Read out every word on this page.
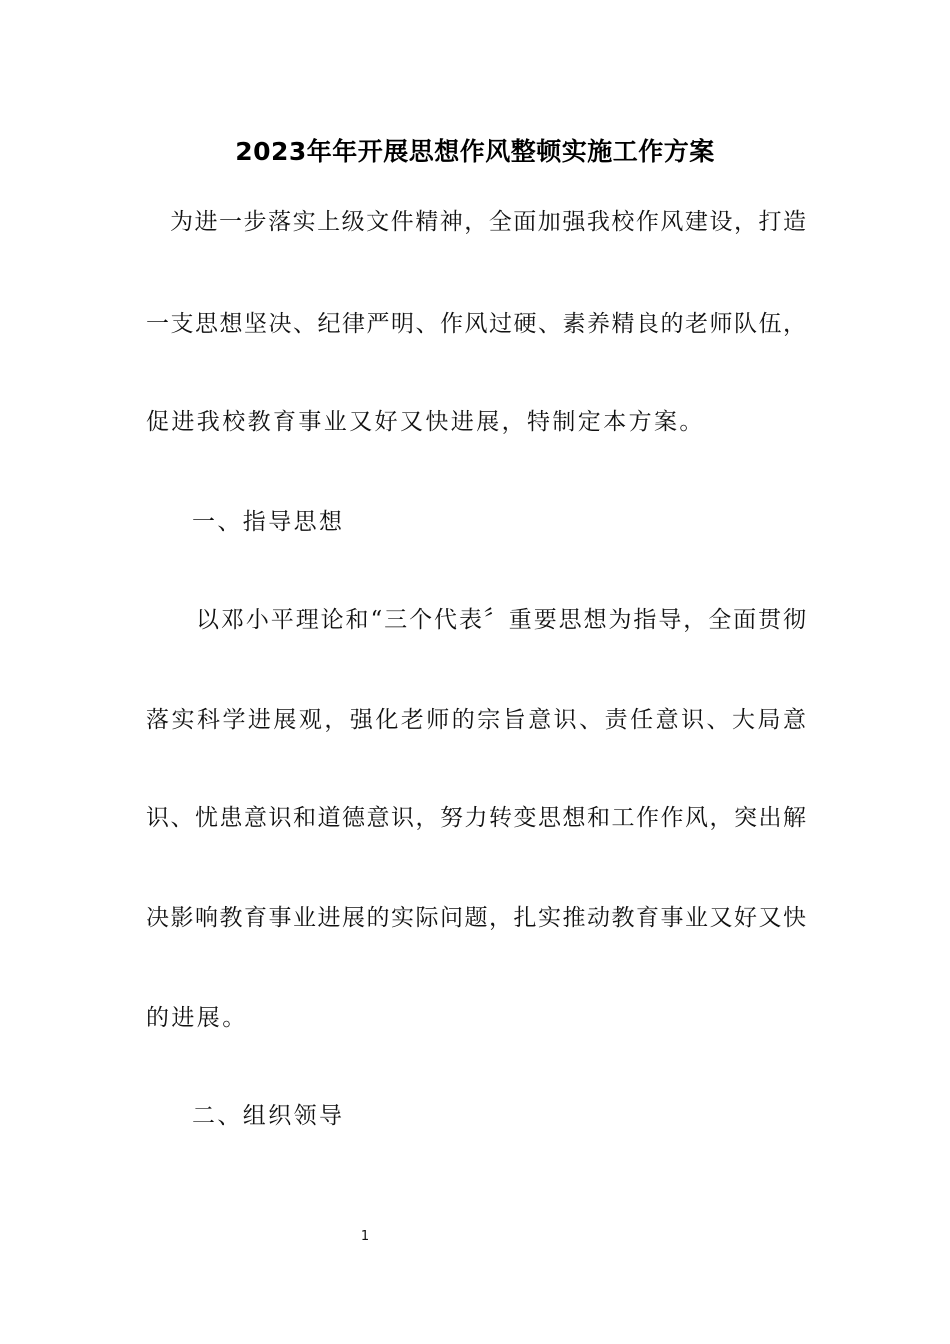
2023年年开展思想作风整顿实施工作方案
为进一步落实上级文件精神，全面加强我校作风建设，打造
一支思想坚决、纪律严明、作风过硬、素养精良的老师队伍，
促进我校教育事业又好又快进展，特制定本方案。
一、指导思想
以邓小平理论和“三个代表〞重要思想为指导，全面贯彻
落实科学进展观，强化老师的宗旨意识、责任意识、大局意
识、忧患意识和道德意识，努力转变思想和工作作风，突出解
决影响教育事业进展的实际问题，扎实推动教育事业又好又快
的进展。
二、组织领导
1
